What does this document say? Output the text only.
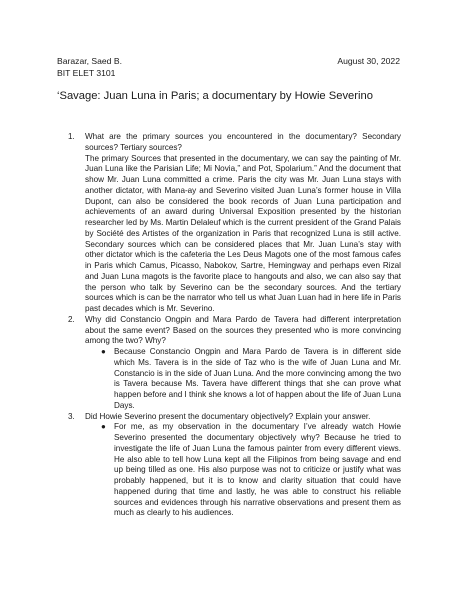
Barazar, Saed B.	August 30, 2022
BIT ELET 3101
‘Savage: Juan Luna in Paris; a documentary by Howie Severino
1. What are the primary sources you encountered in the documentary? Secondary sources? Tertiary sources?

The primary Sources that presented in the documentary, we can say the painting of Mr. Juan Luna like the Parisian Life; Mi Novia,” and Pot, Spolarium.” And the document that show Mr. Juan Luna committed a crime. Paris the city was Mr. Juan Luna stays with another dictator, with Mana-ay and Severino visited Juan Luna’s former house in Villa Dupont, can also be considered the book records of Juan Luna participation and achievements of an award during Universal Exposition presented by the historian researcher led by Ms. Martin Delaleuf which is the current president of the Grand Palais by Société des Artistes of the organization in Paris that recognized Luna is still active. Secondary sources which can be considered places that Mr. Juan Luna’s stay with other dictator which is the cafeteria the Les Deus Magots one of the most famous cafes in Paris which Camus, Picasso, Nabokov, Sartre, Hemingway and perhaps even Rizal and Juan Luna magots is the favorite place to hangouts and also, we can also say that the person who talk by Severino can be the secondary sources. And the tertiary sources which is can be the narrator who tell us what Juan Luan had in here life in Paris past decades which is Mr. Severino.

2. Why did Constancio Ongpin and Mara Pardo de Tavera had different interpretation about the same event? Based on the sources they presented who is more convincing among the two? Why?

● Because Constancio Ongpin and Mara Pardo de Tavera is in different side which Ms. Tavera is in the side of Taz who is the wife of Juan Luna and Mr. Constancio is in the side of Juan Luna. And the more convincing among the two is Tavera because Ms. Tavera have different things that she can prove what happen before and I think she knows a lot of happen about the life of Juan Luna Days.

3. Did Howie Severino present the documentary objectively? Explain your answer.

● For me, as my observation in the documentary I’ve already watch Howie Severino presented the documentary objectively why? Because he tried to investigate the life of Juan Luna the famous painter from every different views. He also able to tell how Luna kept all the Filipinos from being savage and end up being tilled as one. His also purpose was not to criticize or justify what was probably happened, but it is to know and clarity situation that could have happened during that time and lastly, he was able to construct his reliable sources and evidences through his narrative observations and present them as much as clearly to his audiences.
